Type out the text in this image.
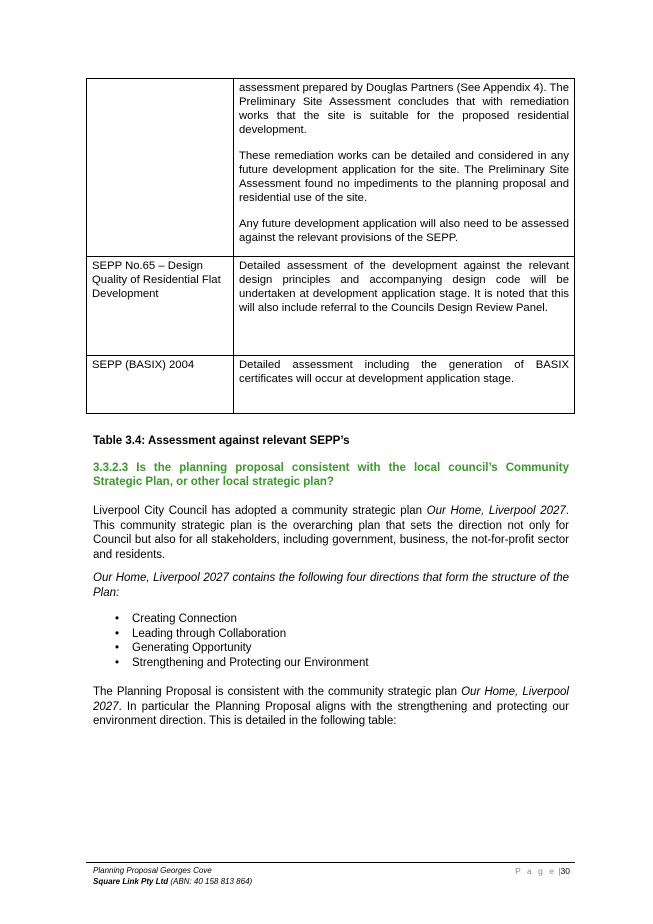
	assessment prepared by Douglas Partners (See Appendix 4). The Preliminary Site Assessment concludes that with remediation works that the site is suitable for the proposed residential development.

These remediation works can be detailed and considered in any future development application for the site. The Preliminary Site Assessment found no impediments to the planning proposal and residential use of the site.

Any future development application will also need to be assessed against the relevant provisions of the SEPP.

SEPP No.65 – Design Quality of Residential Flat Development	Detailed assessment of the development against the relevant design principles and accompanying design code will be undertaken at development application stage. It is noted that this will also include referral to the Councils Design Review Panel.

SEPP (BASIX) 2004	Detailed assessment including the generation of BASIX certificates will occur at development application stage.

Table 3.4: Assessment against relevant SEPP’s
3.3.2.3 Is the planning proposal consistent with the local council’s Community Strategic Plan, or other local strategic plan?

Liverpool City Council has adopted a community strategic plan Our Home, Liverpool 2027. This community strategic plan is the overarching plan that sets the direction not only for Council but also for all stakeholders, including government, business, the not-for-profit sector and residents.

Our Home, Liverpool 2027 contains the following four directions that form the structure of the Plan:

• Creating Connection
• Leading through Collaboration
• Generating Opportunity
• Strengthening and Protecting our Environment

The Planning Proposal is consistent with the community strategic plan Our Home, Liverpool 2027. In particular the Planning Proposal aligns with the strengthening and protecting our environment direction. This is detailed in the following table:

Planning Proposal Georges Cove
Square Link Pty Ltd (ABN: 40 158 813 864)
P a g e |30
